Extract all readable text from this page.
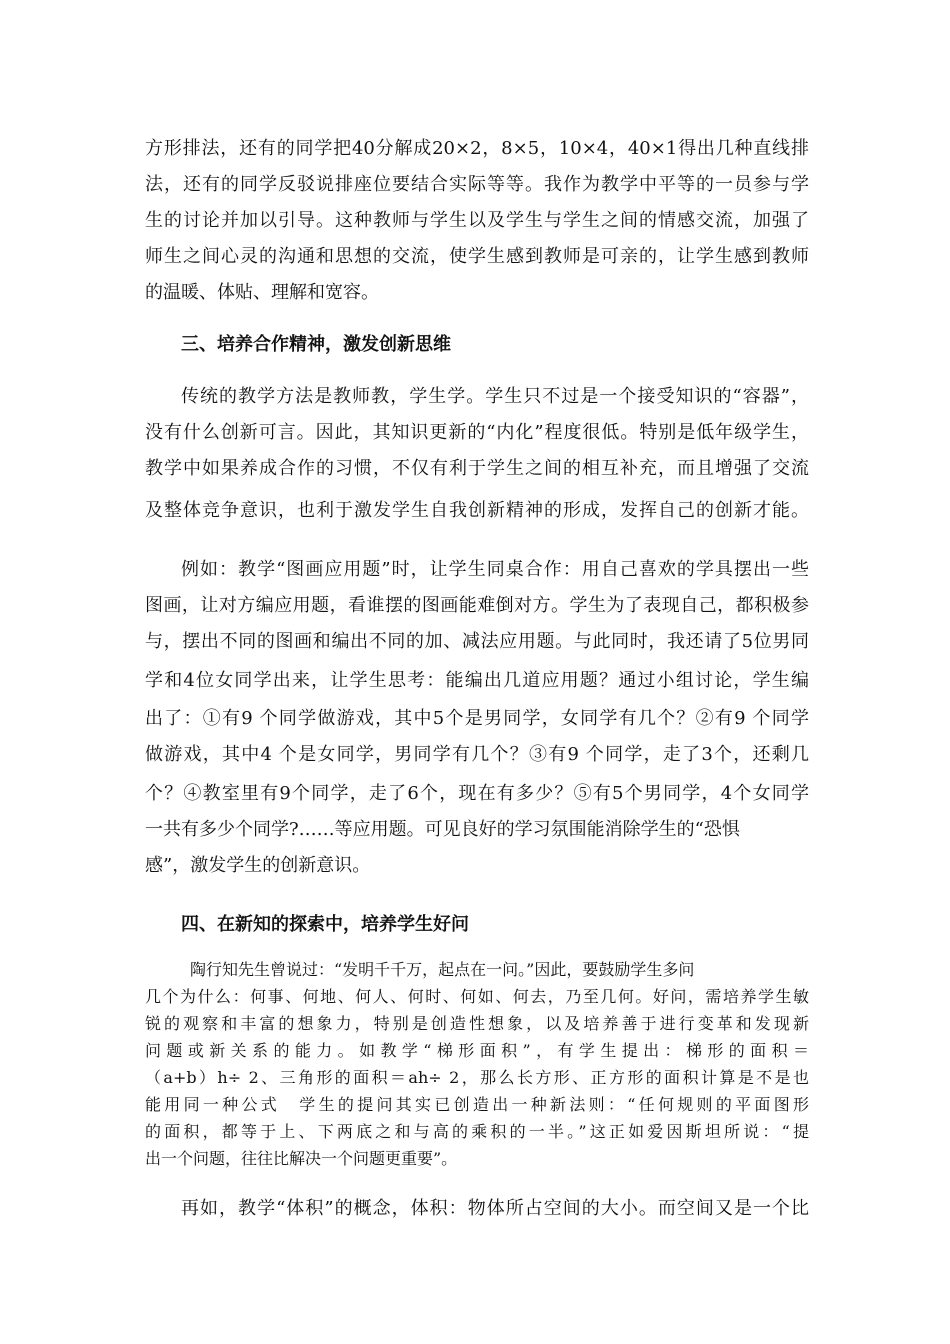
方形排法，还有的同学把40分解成20×2，8×5，10×4，40×1得出几种直线排
法，还有的同学反驳说排座位要结合实际等等。我作为教学中平等的一员参与学
生的讨论并加以引导。这种教师与学生以及学生与学生之间的情感交流，加强了
师生之间心灵的沟通和思想的交流，使学生感到教师是可亲的，让学生感到教师
的温暖、体贴、理解和宽容。
三、培养合作精神，激发创新思维
传统的教学方法是教师教，学生学。学生只不过是一个接受知识的“容器”，
没有什么创新可言。因此，其知识更新的“内化”程度很低。特别是低年级学生，
教学中如果养成合作的习惯，不仅有利于学生之间的相互补充，而且增强了交流
及整体竞争意识，也利于激发学生自我创新精神的形成，发挥自己的创新才能。
例如：教学“图画应用题”时，让学生同桌合作：用自己喜欢的学具摆出一些
图画，让对方编应用题，看谁摆的图画能难倒对方。学生为了表现自己，都积极参
与，摆出不同的图画和编出不同的加、减法应用题。与此同时，我还请了5位男同
学和4位女同学出来，让学生思考：能编出几道应用题？通过小组讨论，学生编
出了：①有9 个同学做游戏，其中5个是男同学，女同学有几个？②有9 个同学
做游戏，其中4 个是女同学，男同学有几个？③有9 个同学，走了3个，还剩几
个？④教室里有9个同学，走了6个，现在有多少？⑤有5个男同学，4个女同学
一共有多少个同学?……等应用题。可见良好的学习氛围能消除学生的“恐惧
感”，激发学生的创新意识。
四、在新知的探索中，培养学生好问
陶行知先生曾说过：“发明千千万，起点在一问。”因此，要鼓励学生多问
几个为什么：何事、何地、何人、何时、何如、何去，乃至几何。好问，需培养学生敏
锐的观察和丰富的想象力，特别是创造性想象，以及培养善于进行变革和发现新
问题或新关系的能力。如教学“梯形面积”，有学生提出：梯形的面积＝
（a+b）h÷ 2、三角形的面积＝ah÷ 2，那么长方形、正方形的面积计算是不是也
能用同一种公式　学生的提问其实已创造出一种新法则：“任何规则的平面图形
的面积，都等于上、下两底之和与高的乘积的一半。”这正如爱因斯坦所说：“提
出一个问题，往往比解决一个问题更重要”。
再如，教学“体积”的概念，体积：物体所占空间的大小。而空间又是一个比
